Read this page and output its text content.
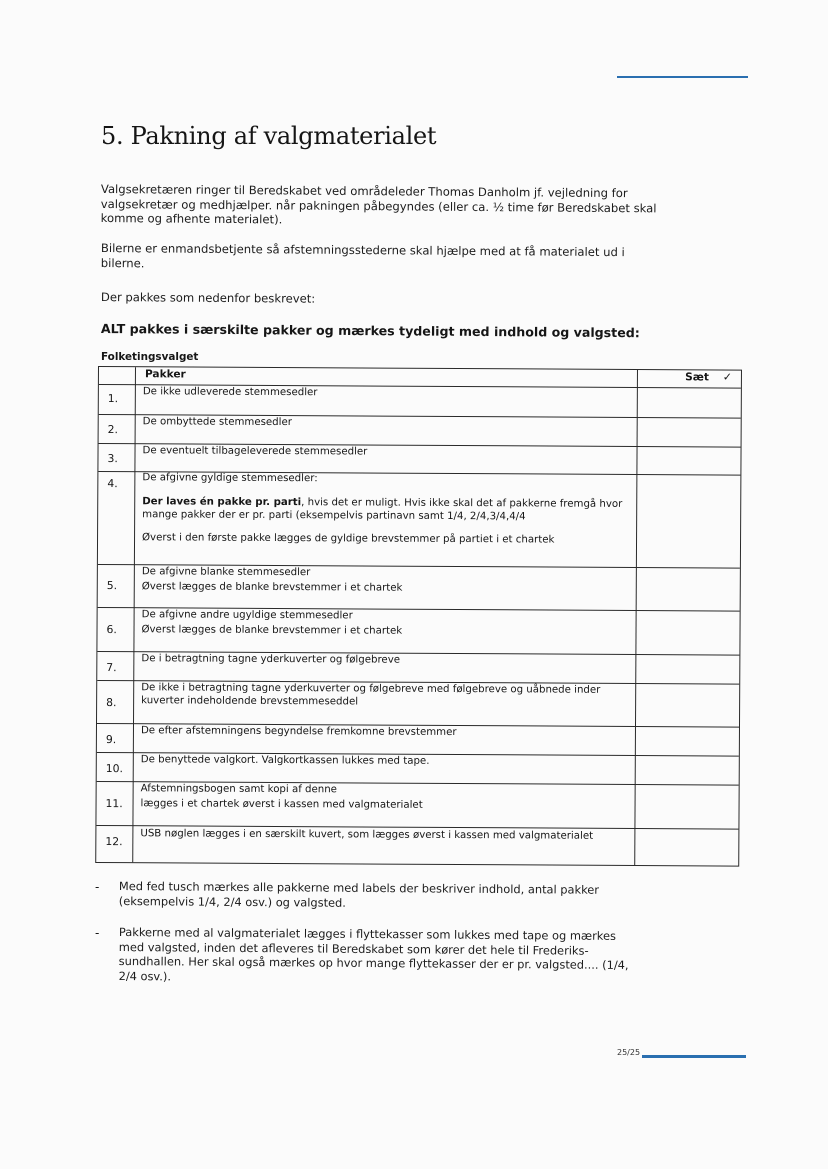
5. Pakning af valgmaterialet

Valgsekretæren ringer til Beredskabet ved områdeleder Thomas Danholm jf. vejledning for valgsekretær og medhjælper. når pakningen påbegyndes (eller ca. ½ time før Beredskabet skal komme og afhente materialet).

Bilerne er enmandsbetjente så afstemningsstederne skal hjælpe med at få materialet ud i bilerne.

Der pakkes som nedenfor beskrevet:

ALT pakkes i særskilte pakker og mærkes tydeligt med indhold og valgsted:

Folketingsvalget

Pakker	Sæt ✓
1. De ikke udleverede stemmesedler
2.
De ombyttede stemmesedler
3.
De eventuelt tilbageleverede stemmesedler
4. De afgivne gyldige stemmesedler:

Der laves én pakke pr. parti, hvis det er muligt. Hvis ikke skal det af pakkerne fremgå hvor mange pakker der er pr. parti (eksempelvis partinavn samt 1/4, 2/4,3/4,4/4

Øverst i den første pakke lægges de gyldige brevstemmer på partiet i et chartek

5.

De afgivne blanke stemmesedler

Øverst lægges de blanke brevstemmer i et chartek

6.

De afgivne andre ugyldige stemmesedler

Øverst lægges de blanke brevstemmer i et chartek

7.
De i betragtning tagne yderkuverter og følgebreve
8.
De ikke i betragtning tagne yderkuverter og følgebreve med følgebreve og uåbnede inder kuverter indeholdende brevstemmeseddel
9.
De efter afstemningens begyndelse fremkomne brevstemmer
10.
De benyttede valgkort. Valgkortkassen lukkes med tape.
11.

Afstemningsbogen samt kopi af denne

lægges i et chartek øverst i kassen med valgmaterialet

12. USB nøglen lægges i en særskilt kuvert, som lægges øverst i kassen med valgmaterialet
- Med fed tusch mærkes alle pakkerne med labels der beskriver indhold, antal pakker (eksempelvis 1/4, 2/4 osv.) og valgsted.

- Pakkerne med al valgmaterialet lægges i flyttekasser som lukkes med tape og mærkes med valgsted, inden det afleveres til Beredskabet som kører det hele til Frederiks-sundhallen. Her skal også mærkes op hvor mange flyttekasser der er pr. valgsted.... (1/4, 2/4 osv.).

25/25
